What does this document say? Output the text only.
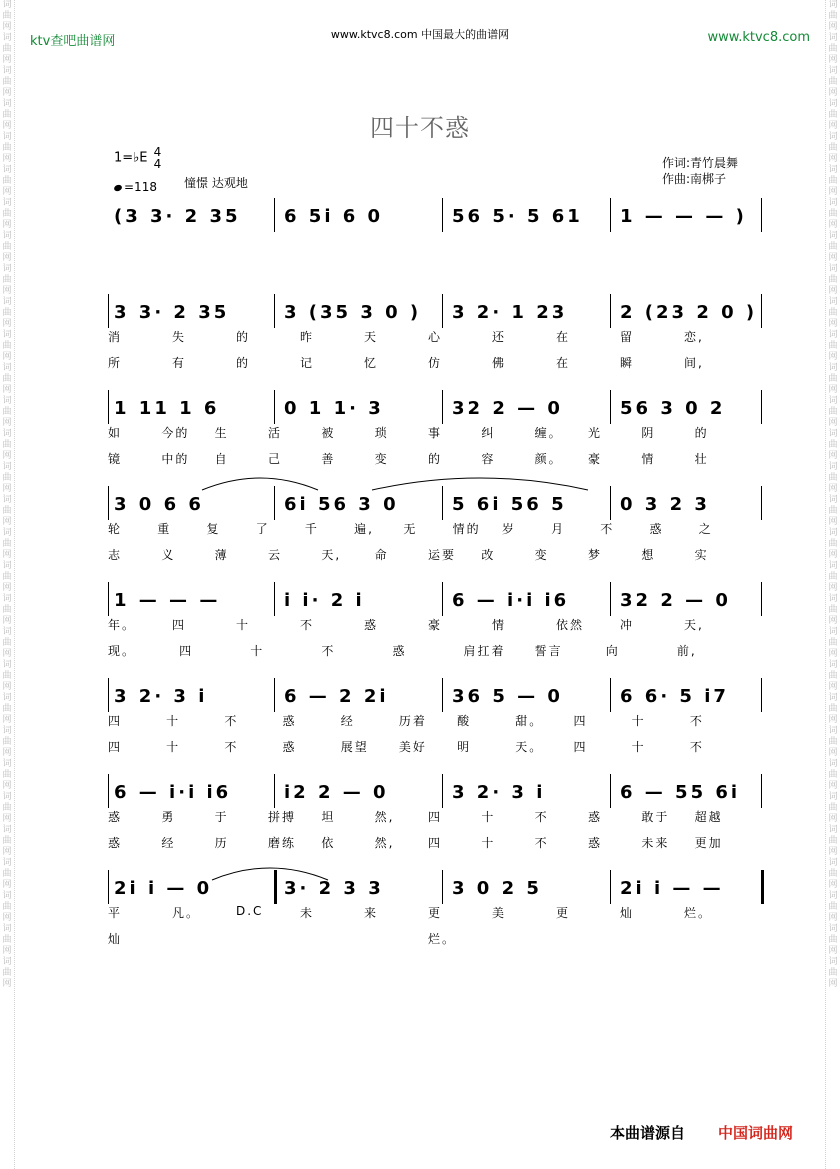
词曲网词曲网词曲网词曲网词曲网词曲网词曲网词曲网词曲网词曲网词曲网词曲网词曲网词曲网词曲网词曲网词曲网词曲网词曲网词曲网词曲网词曲网词曲网词曲网词曲网词曲网词曲网词曲网词曲网词曲网
词曲网词曲网词曲网词曲网词曲网词曲网词曲网词曲网词曲网词曲网词曲网词曲网词曲网词曲网词曲网词曲网词曲网词曲网词曲网词曲网词曲网词曲网词曲网词曲网词曲网词曲网词曲网词曲网词曲网词曲网
ktv查吧曲谱网	www.ktvc8.com 中国最大的曲谱网	www.ktvc8.com
四十不惑
1=♭E 4
4
=118 憧憬 达观地
作词:青竹晨舞
作曲:南梆子
(3 3· 2 35 6 5i 6 0	56 5· 5 61 1 — — — )
3 3· 2 35	3 (35 3 0 ) 3 2· 1 23	2 (23 2 0 )
消	失	的	昨	天	心	还	在	留	恋,
所	有	的	记	忆	仿	佛	在	瞬	间,
1 11 1 6	0 1 1· 3	32 2 — 0	56 3 0 2
如	今的 生	活	被	琐	事	纠	缠。 光	阴	的
镜	中的 自	己	善	变	的	容	颜。 豪	情	壮
3 0 6 6	6i 56 3 0	5 6i 56 5	0 3 2 3
轮	重	复	了	千	遍, 无	情的 岁	月	不	惑	之
志	义	薄	云	天,	命	运要 改	变	梦	想	实
1 — — —	i i· 2 i	6 — i·i i6	32 2 — 0
年。	四	十	不	惑	豪	情	依然	冲	天,
现。	四	十	不	惑	肩扛着 誓言	向	前,
3 2· 3 i	6 — 2 2i	36 5 — 0	6 6· 5 i7
四	十	不	惑	经	历着	酸	甜。	四	十	不
四	十	不	惑	展望	美好	明	天。	四	十	不
6 — i·i i6	i2 2 — 0	3 2· 3 i	6 — 55 6i
惑	勇	于	拼搏 坦	然,	四	十	不	惑	敢于 超越
惑	经	历	磨练 依	然,	四	十	不	惑	未来 更加
2i i — 0	3· 2 3 3	3 0 2 5	2i i — —
平	凡。	D.C	未	来	更	美	更	灿	烂。
灿	烂。
本曲谱源自 中国词曲网
